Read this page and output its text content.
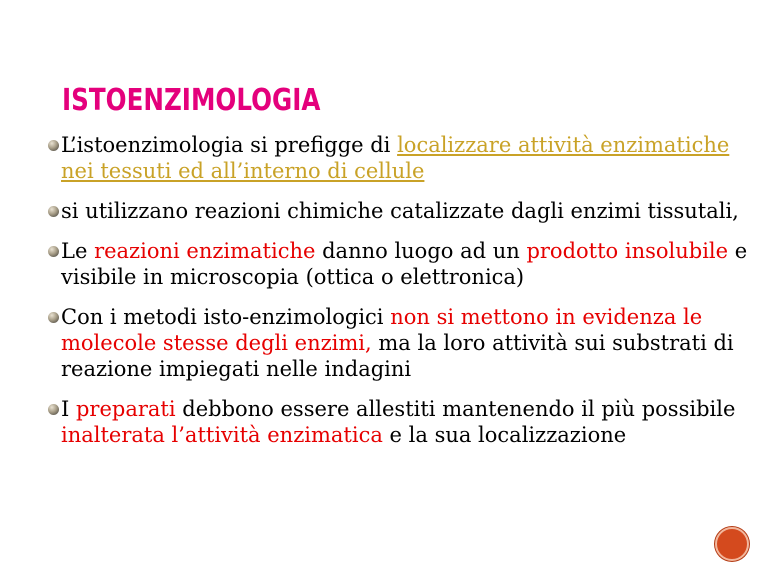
ISTOENZIMOLOGIA
L’istoenzimologia si prefigge di localizzare attività enzimatiche nei tessuti ed all’interno di cellule
si utilizzano reazioni chimiche catalizzate dagli enzimi tissutali,
Le reazioni enzimatiche danno luogo ad un prodotto insolubile e visibile in microscopia (ottica o elettronica)
Con i metodi isto-enzimologici non si mettono in evidenza le molecole stesse degli enzimi, ma la loro attività sui substrati di reazione impiegati nelle indagini
I preparati debbono essere allestiti mantenendo il più possibile inalterata l’attività enzimatica e la sua localizzazione
